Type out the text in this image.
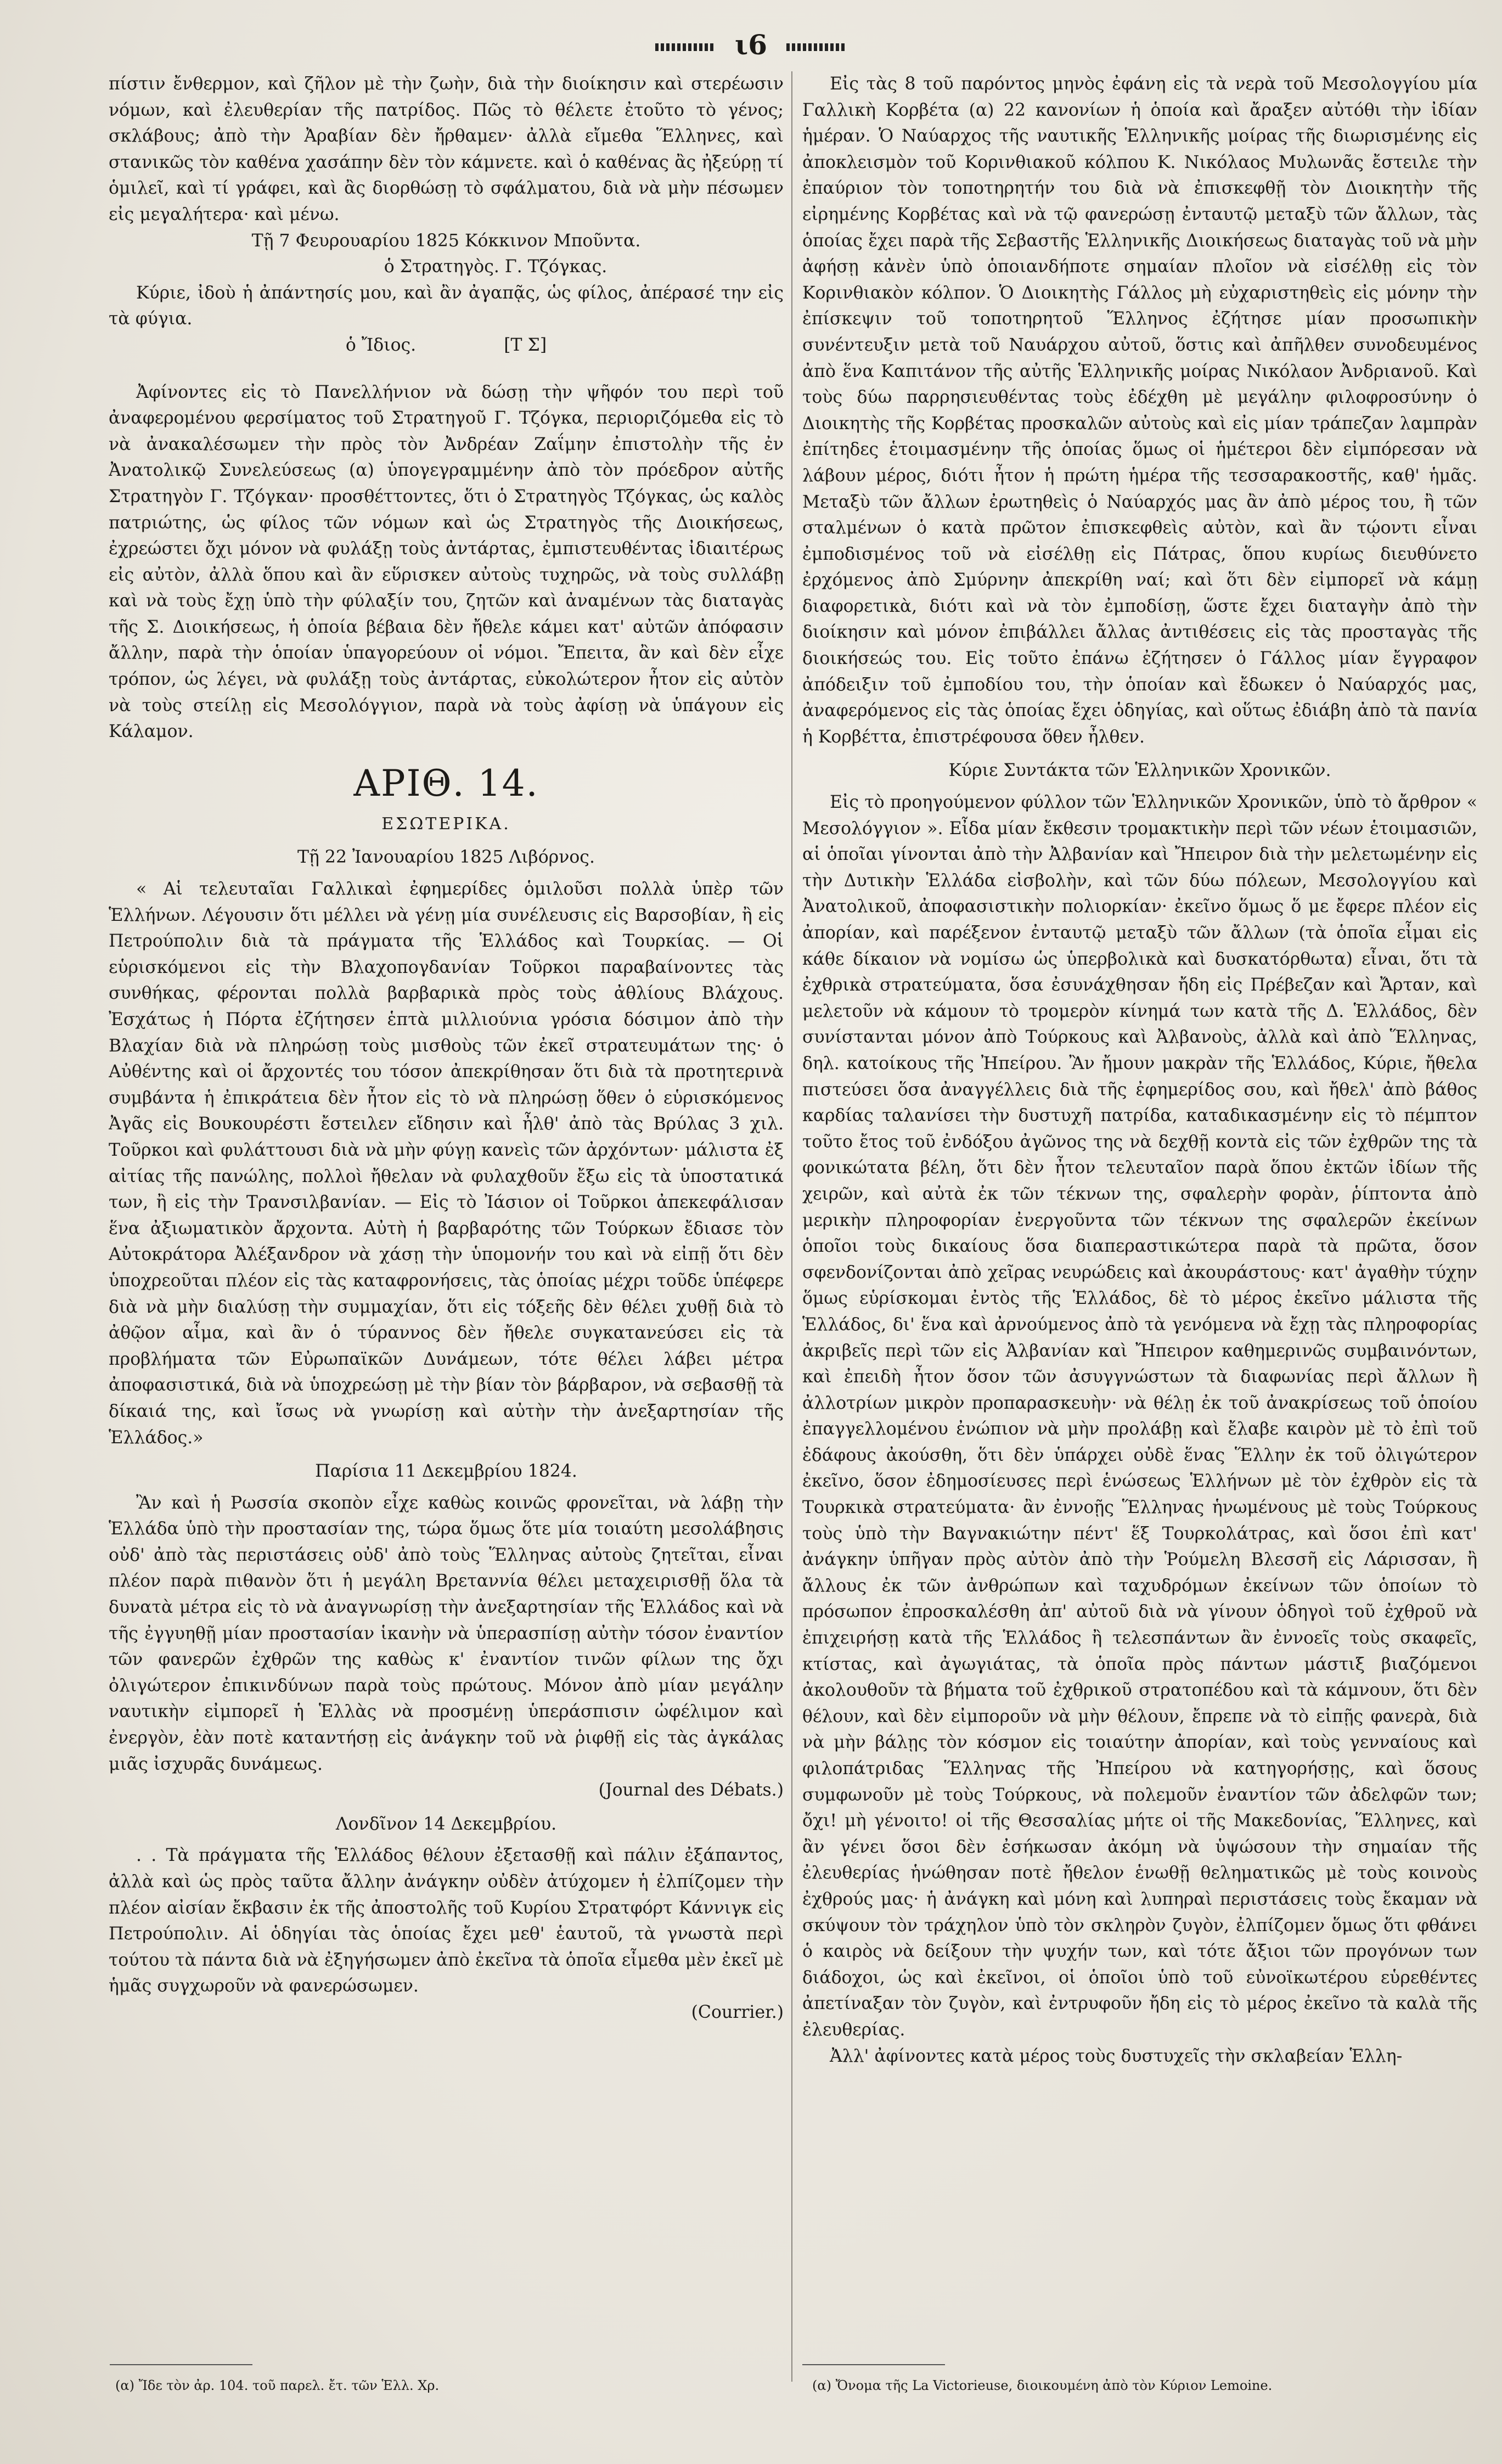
ι6

πίστιν ἔνθερμον, καὶ ζῆλον μὲ τὴν ζωὴν, διὰ τὴν διοίκησιν καὶ στερέωσιν νόμων, καὶ ἐλευθερίαν τῆς πατρίδος. Πῶς τὸ θέλετε ἐτοῦτο τὸ γένος; σκλάβους; ἀπὸ τὴν Ἀραβίαν δὲν ἤρθαμεν· ἀλλὰ εἴμεθα Ἕλληνες, καὶ στανικῶς τὸν καθένα χασάπην δὲν τὸν κάμνετε. καὶ ὁ καθένας ἂς ἠξεύρῃ τί ὁμιλεῖ, καὶ τί γράφει, καὶ ἂς διορθώσῃ τὸ σφάλματου, διὰ νὰ μὴν πέσωμεν εἰς μεγαλήτερα· καὶ μένω.

Τῇ 7 Φευρουαρίου 1825 Κόκκινον Μποῦντα.

ὁ Στρατηγὸς. Γ. Τζόγκας.

Κύριε, ἰδοὺ ἡ ἀπάντησίς μου, καὶ ἂν ἀγαπᾷς, ὡς φίλος, ἀπέρασέ την εἰς τὰ φύγια.

ὁ Ἴδιος.	[Τ Σ]

Ἀφίνοντες εἰς τὸ Πανελλήνιον νὰ δώσῃ τὴν ψῆφόν του περὶ τοῦ ἀναφερομένου φερσίματος τοῦ Στρατηγοῦ Γ. Τζόγκα, περιοριζόμεθα εἰς τὸ νὰ ἀνακαλέσωμεν τὴν πρὸς τὸν Ἀνδρέαν Ζαΐμην ἐπιστολὴν τῆς ἐν Ἀνατολικῷ Συνελεύσεως (α) ὑπογεγραμμένην ἀπὸ τὸν πρόεδρον αὐτῆς Στρατηγὸν Γ. Τζόγκαν· προσθέττοντες, ὅτι ὁ Στρατηγὸς Τζόγκας, ὡς καλὸς πατριώτης, ὡς φίλος τῶν νόμων καὶ ὡς Στρατηγὸς τῆς Διοικήσεως, ἐχρεώστει ὄχι μόνον νὰ φυλάξῃ τοὺς ἀντάρτας, ἐμπιστευθέντας ἰδιαιτέρως εἰς αὐτὸν, ἀλλὰ ὅπου καὶ ἂν εὕρισκεν αὐτοὺς τυχηρῶς, νὰ τοὺς συλλάβῃ καὶ νὰ τοὺς ἔχῃ ὑπὸ τὴν φύλαξίν του, ζητῶν καὶ ἀναμένων τὰς διαταγὰς τῆς Σ. Διοικήσεως, ἡ ὁποία βέβαια δὲν ἤθελε κάμει κατ' αὐτῶν ἀπόφασιν ἄλλην, παρὰ τὴν ὁποίαν ὑπαγορεύουν οἱ νόμοι. Ἔπειτα, ἂν καὶ δὲν εἶχε τρόπον, ὡς λέγει, νὰ φυλάξῃ τοὺς ἀντάρτας, εὐκολώτερον ἦτον εἰς αὐτὸν νὰ τοὺς στείλῃ εἰς Μεσολόγγιον, παρὰ νὰ τοὺς ἀφίσῃ νὰ ὑπάγουν εἰς Κάλαμον.

ΑΡΙΘ. 14.
ΕΣΩΤΕΡΙΚΑ.

Τῇ 22 Ἰανουαρίου 1825 Λιβόρνος.

« Αἱ τελευταῖαι Γαλλικαὶ ἐφημερίδες ὁμιλοῦσι πολλὰ ὑπὲρ τῶν Ἑλλήνων. Λέγουσιν ὅτι μέλλει νὰ γένῃ μία συνέλευσις εἰς Βαρσοβίαν, ἢ εἰς Πετρούπολιν διὰ τὰ πράγματα τῆς Ἑλλάδος καὶ Τουρκίας. — Οἱ εὑρισκόμενοι εἰς τὴν Βλαχοπογδανίαν Τοῦρκοι παραβαίνοντες τὰς συνθήκας, φέρονται πολλὰ βαρβαρικὰ πρὸς τοὺς ἀθλίους Βλάχους. Ἐσχάτως ἡ Πόρτα ἐζήτησεν ἑπτὰ μιλλιούνια γρόσια δόσιμον ἀπὸ τὴν Βλαχίαν διὰ νὰ πληρώσῃ τοὺς μισθοὺς τῶν ἐκεῖ στρατευμάτων της· ὁ Αὐθέντης καὶ οἱ ἄρχοντές του τόσον ἀπεκρίθησαν ὅτι διὰ τὰ προτητερινὰ συμβάντα ἡ ἐπικράτεια δὲν ἦτον εἰς τὸ νὰ πληρώσῃ ὅθεν ὁ εὑρισκόμενος Ἀγᾶς εἰς Βουκουρέστι ἔστειλεν εἴδησιν καὶ ἦλθ' ἀπὸ τὰς Βρύλας 3 χιλ. Τοῦρκοι καὶ φυλάττουσι διὰ νὰ μὴν φύγῃ κανεὶς τῶν ἀρχόντων· μάλιστα ἐξ αἰτίας τῆς πανώλης, πολλοὶ ἤθελαν νὰ φυλαχθοῦν ἔξω εἰς τὰ ὑποστατικά των, ἢ εἰς τὴν Τρανσιλβανίαν. — Εἰς τὸ Ἰάσιον οἱ Τοῦρκοι ἀπεκεφάλισαν ἕνα ἀξιωματικὸν ἄρχοντα. Αὐτὴ ἡ βαρβαρότης τῶν Τούρκων ἔδιασε τὸν Αὐτοκράτορα Ἀλέξανδρον νὰ χάσῃ τὴν ὑπομονήν του καὶ νὰ εἰπῇ ὅτι δὲν ὑποχρεοῦται πλέον εἰς τὰς καταφρονήσεις, τὰς ὁποίας μέχρι τοῦδε ὑπέφερε διὰ νὰ μὴν διαλύσῃ τὴν συμμαχίαν, ὅτι εἰς τόξεῆς δὲν θέλει χυθῇ διὰ τὸ ἀθῷον αἷμα, καὶ ἂν ὁ τύραννος δὲν ἤθελε συγκατανεύσει εἰς τὰ προβλήματα τῶν Εὐρωπαϊκῶν Δυνάμεων, τότε θέλει λάβει μέτρα ἀποφασιστικά, διὰ νὰ ὑποχρεώσῃ μὲ τὴν βίαν τὸν βάρβαρον, νὰ σεβασθῇ τὰ δίκαιά της, καὶ ἴσως νὰ γνωρίσῃ καὶ αὐτὴν τὴν ἀνεξαρτησίαν τῆς Ἑλλάδος.»

Παρίσια 11 Δεκεμβρίου 1824.

Ἂν καὶ ἡ Ρωσσία σκοπὸν εἶχε καθὼς κοινῶς φρονεῖται, νὰ λάβῃ τὴν Ἑλλάδα ὑπὸ τὴν προστασίαν της, τώρα ὅμως ὅτε μία τοιαύτη μεσολάβησις οὐδ' ἀπὸ τὰς περιστάσεις οὐδ' ἀπὸ τοὺς Ἕλληνας αὐτοὺς ζητεῖται, εἶναι πλέον παρὰ πιθανὸν ὅτι ἡ μεγάλη Βρεταννία θέλει μεταχειρισθῇ ὅλα τὰ δυνατὰ μέτρα εἰς τὸ νὰ ἀναγνωρίσῃ τὴν ἀνεξαρτησίαν τῆς Ἑλλάδος καὶ νὰ τῆς ἐγγυηθῇ μίαν προστασίαν ἱκανὴν νὰ ὑπερασπίσῃ αὐτὴν τόσον ἐναντίον τῶν φανερῶν ἐχθρῶν της καθὼς κ' ἐναντίον τινῶν φίλων της ὄχι ὀλιγώτερον ἐπικινδύνων παρὰ τοὺς πρώτους. Μόνον ἀπὸ μίαν μεγάλην ναυτικὴν εἰμπορεῖ ἡ Ἑλλὰς νὰ προσμένῃ ὑπεράσπισιν ὠφέλιμον καὶ ἐνεργὸν, ἐὰν ποτὲ καταντήσῃ εἰς ἀνάγκην τοῦ νὰ ῥιφθῇ εἰς τὰς ἀγκάλας μιᾶς ἰσχυρᾶς δυνάμεως.

(Journal des Débats.)

Λονδῖνον 14 Δεκεμβρίου.

. . Τὰ πράγματα τῆς Ἑλλάδος θέλουν ἐξετασθῇ καὶ πάλιν ἐξάπαντος, ἀλλὰ καὶ ὡς πρὸς ταῦτα ἄλλην ἀνάγκην οὐδὲν ἀτύχομεν ἡ ἐλπίζομεν τὴν πλέον αἰσίαν ἔκβασιν ἐκ τῆς ἀποστολῆς τοῦ Κυρίου Στρατφόρτ Κάννιγκ εἰς Πετρούπολιν. Αἱ ὁδηγίαι τὰς ὁποίας ἔχει μεθ' ἑαυτοῦ, τὰ γνωστὰ περὶ τούτου τὰ πάντα διὰ νὰ ἐξηγήσωμεν ἀπὸ ἐκεῖνα τὰ ὁποῖα εἶμεθα μὲν ἐκεῖ μὲ ἡμᾶς συγχωροῦν νὰ φανερώσωμεν.

(Courrier.)

Εἰς τὰς 8 τοῦ παρόντος μηνὸς ἐφάνη εἰς τὰ νερὰ τοῦ Μεσολογγίου μία Γαλλικὴ Κορβέτα (α) 22 κανονίων ἡ ὁποία καὶ ἄραξεν αὐτόθι τὴν ἰδίαν ἡμέραν. Ὁ Ναύαρχος τῆς ναυτικῆς Ἑλληνικῆς μοίρας τῆς διωρισμένης εἰς ἀποκλεισμὸν τοῦ Κορινθιακοῦ κόλπου Κ. Νικόλαος Μυλωνᾶς ἔστειλε τὴν ἐπαύριον τὸν τοποτηρητήν του διὰ νὰ ἐπισκεφθῇ τὸν Διοικητὴν τῆς εἰρημένης Κορβέτας καὶ νὰ τῷ φανερώσῃ ἐνταυτῷ μεταξὺ τῶν ἄλλων, τὰς ὁποίας ἔχει παρὰ τῆς Σεβαστῆς Ἑλληνικῆς Διοικήσεως διαταγὰς τοῦ νὰ μὴν ἀφήσῃ κἀνὲν ὑπὸ ὁποιανδήποτε σημαίαν πλοῖον νὰ εἰσέλθῃ εἰς τὸν Κορινθιακὸν κόλπον. Ὁ Διοικητὴς Γάλλος μὴ εὐχαριστηθεὶς εἰς μόνην τὴν ἐπίσκεψιν τοῦ τοποτηρητοῦ Ἕλληνος ἐζήτησε μίαν προσωπικὴν συνέντευξιν μετὰ τοῦ Ναυάρχου αὐτοῦ, ὅστις καὶ ἀπῆλθεν συνοδευμένος ἀπὸ ἕνα Καπιτάνον τῆς αὐτῆς Ἑλληνικῆς μοίρας Νικόλαον Ἀνδριανοῦ. Καὶ τοὺς δύω παρρησιευθέντας τοὺς ἐδέχθη μὲ μεγάλην φιλοφροσύνην ὁ Διοικητὴς τῆς Κορβέτας προσκαλῶν αὐτοὺς καὶ εἰς μίαν τράπεζαν λαμπρὰν ἐπίτηδες ἑτοιμασμένην τῆς ὁποίας ὅμως οἱ ἡμέτεροι δὲν εἰμπόρεσαν νὰ λάβουν μέρος, διότι ἦτον ἡ πρώτη ἡμέρα τῆς τεσσαρακοστῆς, καθ' ἡμᾶς. Μεταξὺ τῶν ἄλλων ἐρωτηθεὶς ὁ Ναύαρχός μας ἂν ἀπὸ μέρος του, ἢ τῶν σταλμένων ὁ κατὰ πρῶτον ἐπισκεφθεὶς αὐτὸν, καὶ ἂν τῴοντι εἶναι ἐμποδισμένος τοῦ νὰ εἰσέλθῃ εἰς Πάτρας, ὅπου κυρίως διευθύνετο ἐρχόμενος ἀπὸ Σμύρνην ἀπεκρίθη ναί; καὶ ὅτι δὲν εἰμπορεῖ νὰ κάμῃ διαφορετικὰ, διότι καὶ νὰ τὸν ἐμποδίσῃ, ὥστε ἔχει διαταγὴν ἀπὸ τὴν διοίκησιν καὶ μόνον ἐπιβάλλει ἄλλας ἀντιθέσεις εἰς τὰς προσταγὰς τῆς διοικήσεώς του. Εἰς τοῦτο ἐπάνω ἐζήτησεν ὁ Γάλλος μίαν ἔγγραφον ἀπόδειξιν τοῦ ἐμποδίου του, τὴν ὁποίαν καὶ ἔδωκεν ὁ Ναύαρχός μας, ἀναφερόμενος εἰς τὰς ὁποίας ἔχει ὁδηγίας, καὶ οὕτως ἐδιάβη ἀπὸ τὰ πανία ἡ Κορβέττα, ἐπιστρέφουσα ὅθεν ἦλθεν.

Κύριε Συντάκτα τῶν Ἑλληνικῶν Χρονικῶν.

Εἰς τὸ προηγούμενον φύλλον τῶν Ἑλληνικῶν Χρονικῶν, ὑπὸ τὸ ἄρθρον « Μεσολόγγιον ». Εἶδα μίαν ἔκθεσιν τρομακτικὴν περὶ τῶν νέων ἑτοιμασιῶν, αἱ ὁποῖαι γίνονται ἀπὸ τὴν Ἀλβανίαν καὶ Ἤπειρον διὰ τὴν μελετωμένην εἰς τὴν Δυτικὴν Ἑλλάδα εἰσβολὴν, καὶ τῶν δύω πόλεων, Μεσολογγίου καὶ Ἀνατολικοῦ, ἀποφασιστικὴν πολιορκίαν· ἐκεῖνο ὅμως ὅ με ἔφερε πλέον εἰς ἀπορίαν, καὶ παρέξενον ἐνταυτῷ μεταξὺ τῶν ἄλλων (τὰ ὁποῖα εἶμαι εἰς κάθε δίκαιον νὰ νομίσω ὡς ὑπερβολικὰ καὶ δυσκατόρθωτα) εἶναι, ὅτι τὰ ἐχθρικὰ στρατεύματα, ὅσα ἐσυνάχθησαν ἤδη εἰς Πρέβεζαν καὶ Ἄρταν, καὶ μελετοῦν νὰ κάμουν τὸ τρομερὸν κίνημά των κατὰ τῆς Δ. Ἑλλάδος, δὲν συνίστανται μόνον ἀπὸ Τούρκους καὶ Ἀλβανοὺς, ἀλλὰ καὶ ἀπὸ Ἕλληνας, δηλ. κατοίκους τῆς Ἠπείρου. Ἂν ἤμουν μακρὰν τῆς Ἑλλάδος, Κύριε, ἤθελα πιστεύσει ὅσα ἀναγγέλλεις διὰ τῆς ἐφημερίδος σου, καὶ ἤθελ' ἀπὸ βάθος καρδίας ταλανίσει τὴν δυστυχῆ πατρίδα, καταδικασμένην εἰς τὸ πέμπτον τοῦτο ἔτος τοῦ ἐνδόξου ἀγῶνος της νὰ δεχθῇ κοντὰ εἰς τῶν ἐχθρῶν της τὰ φονικώτατα βέλη, ὅτι δὲν ἦτον τελευταῖον παρὰ ὅπου ἐκτῶν ἰδίων τῆς χειρῶν, καὶ αὐτὰ ἐκ τῶν τέκνων της, σφαλερὴν φορὰν, ῥίπτοντα ἀπὸ μερικὴν πληροφορίαν ἐνεργοῦντα τῶν τέκνων της σφαλερῶν ἐκείνων ὁποῖοι τοὺς δικαίους ὅσα διαπεραστικώτερα παρὰ τὰ πρῶτα, ὅσον σφενδονίζονται ἀπὸ χεῖρας νευρώδεις καὶ ἀκουράστους· κατ' ἀγαθὴν τύχην ὅμως εὑρίσκομαι ἐντὸς τῆς Ἑλλάδος, δὲ τὸ μέρος ἐκεῖνο μάλιστα τῆς Ἑλλάδος, δι' ἕνα καὶ ἀρνούμενος ἀπὸ τὰ γενόμενα νὰ ἔχῃ τὰς πληροφορίας ἀκριβεῖς περὶ τῶν εἰς Ἀλβανίαν καὶ Ἤπειρον καθημερινῶς συμβαινόντων, καὶ ἐπειδὴ ἦτον ὅσον τῶν ἀσυγγνώστων τὰ διαφωνίας περὶ ἄλλων ἢ ἀλλοτρίων μικρὸν προπαρασκευὴν· νὰ θέλῃ ἐκ τοῦ ἀνακρίσεως τοῦ ὁποίου ἐπαγγελλομένου ἐνώπιον νὰ μὴν προλάβῃ καὶ ἔλαβε καιρὸν μὲ τὸ ἐπὶ τοῦ ἐδάφους ἀκούσθη, ὅτι δὲν ὑπάρχει οὐδὲ ἕνας Ἕλλην ἐκ τοῦ ὀλιγώτερον ἐκεῖνο, ὅσον ἐδημοσίευσες περὶ ἑνώσεως Ἑλλήνων μὲ τὸν ἐχθρὸν εἰς τὰ Τουρκικὰ στρατεύματα· ἂν ἐννοῇς Ἕλληνας ἡνωμένους μὲ τοὺς Τούρκους τοὺς ὑπὸ τὴν Βαγνακιώτην πέντ' ἕξ Τουρκολάτρας, καὶ ὅσοι ἐπὶ κατ' ἀνάγκην ὑπῆγαν πρὸς αὐτὸν ἀπὸ τὴν Ῥούμελη Βλεσσῆ εἰς Λάρισσαν, ἢ ἄλλους ἐκ τῶν ἀνθρώπων καὶ ταχυδρόμων ἐκείνων τῶν ὁποίων τὸ πρόσωπον ἐπροσκαλέσθη ἀπ' αὐτοῦ διὰ νὰ γίνουν ὁδηγοὶ τοῦ ἐχθροῦ νὰ ἐπιχειρήσῃ κατὰ τῆς Ἑλλάδος ἢ τελεσπάντων ἂν ἐννοεῖς τοὺς σκαφεῖς, κτίστας, καὶ ἀγωγιάτας, τὰ ὁποῖα πρὸς πάντων μάστιξ βιαζόμενοι ἀκολουθοῦν τὰ βήματα τοῦ ἐχθρικοῦ στρατοπέδου καὶ τὰ κάμνουν, ὅτι δὲν θέλουν, καὶ δὲν εἰμποροῦν νὰ μὴν θέλουν, ἔπρεπε νὰ τὸ εἰπῇς φανερὰ, διὰ νὰ μὴν βάλῃς τὸν κόσμον εἰς τοιαύτην ἀπορίαν, καὶ τοὺς γενναίους καὶ φιλοπάτριδας Ἕλληνας τῆς Ἠπείρου νὰ κατηγορήσῃς, καὶ ὅσους συμφωνοῦν μὲ τοὺς Τούρκους, νὰ πολεμοῦν ἐναντίον τῶν ἀδελφῶν των; ὄχι! μὴ γένοιτο! οἱ τῆς Θεσσαλίας μήτε οἱ τῆς Μακεδονίας, Ἕλληνες, καὶ ἂν γένει ὅσοι δὲν ἐσήκωσαν ἀκόμη νὰ ὑψώσουν τὴν σημαίαν τῆς ἐλευθερίας ἡνώθησαν ποτὲ ἤθελον ἑνωθῇ θεληματικῶς μὲ τοὺς κοινοὺς ἐχθρούς μας· ἡ ἀνάγκη καὶ μόνη καὶ λυπηραὶ περιστάσεις τοὺς ἔκαμαν νὰ σκύψουν τὸν τράχηλον ὑπὸ τὸν σκληρὸν ζυγὸν, ἐλπίζομεν ὅμως ὅτι φθάνει ὁ καιρὸς νὰ δείξουν τὴν ψυχήν των, καὶ τότε ἄξιοι τῶν προγόνων των διάδοχοι, ὡς καὶ ἐκεῖνοι, οἱ ὁποῖοι ὑπὸ τοῦ εὐνοϊκωτέρου εὑρεθέντες ἀπετίναξαν τὸν ζυγὸν, καὶ ἐντρυφοῦν ἤδη εἰς τὸ μέρος ἐκεῖνο τὰ καλὰ τῆς ἐλευθερίας.

Ἀλλ' ἀφίνοντες κατὰ μέρος τοὺς δυστυχεῖς τὴν σκλαβείαν Ἑλλη-

(α) Ἴδε τὸν ἀρ. 104. τοῦ παρελ. ἔτ. τῶν Ἑλλ. Χρ.	(α) Ὄνομα τῆς La Victorieuse, διοικουμένη ἀπὸ τὸν Κύριον Lemoine.
